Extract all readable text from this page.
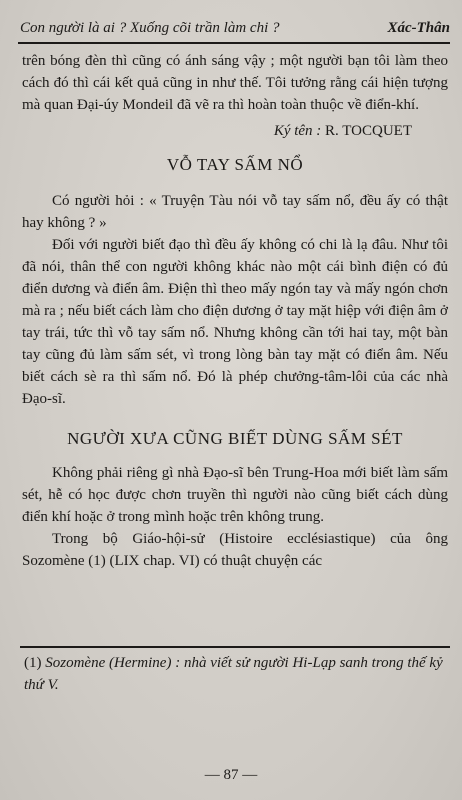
Con người là ai ? Xuống cõi trần làm chi ?	Xác-Thân

trên bóng đèn thì cũng có ánh sáng vậy ; một người bạn tôi làm theo cách đó thì cái kết quả cũng in như thế. Tôi tưởng rằng cái hiện tượng mà quan Đại-úy Mondeil đã vẽ ra thì hoàn toàn thuộc về điển-khí.

Ký tên : R. TOCQUET
VỖ TAY SẤM NỔ

Có người hỏi : « Truyện Tàu nói vỗ tay sấm nổ, đều ấy có thật hay không ? »

Đối với người biết đạo thì đều ấy không có chi là lạ đâu. Như tôi đã nói, thân thể con người không khác nào một cái bình điện có đủ điển dương và điển âm. Điện thì theo mấy ngón tay và mấy ngón chơn mà ra ; nếu biết cách làm cho điện dương ở tay mặt hiệp với điện âm ở tay trái, tức thì vỗ tay sấm nổ. Nhưng không cần tới hai tay, một bàn tay cũng đủ làm sấm sét, vì trong lòng bàn tay mặt có điển âm. Nếu biết cách sè ra thì sấm nổ. Đó là phép chưởng-tâm-lôi của các nhà Đạo-sĩ.

NGƯỜI XƯA CŨNG BIẾT DÙNG SẤM SÉT

Không phải riêng gì nhà Đạo-sĩ bên Trung-Hoa mới biết làm sấm sét, hễ có học được chơn truyền thì người nào cũng biết cách dùng điển khí hoặc ở trong mình hoặc trên không trung.

Trong bộ Giáo-hội-sử (Histoire ecclésiastique) của ông Sozomène (1) (LIX chap. VI) có thuật chuyện các

(1) Sozomène (Hermine) : nhà viết sử người Hi-Lạp sanh trong thế kỷ thứ V.
— 87 —
